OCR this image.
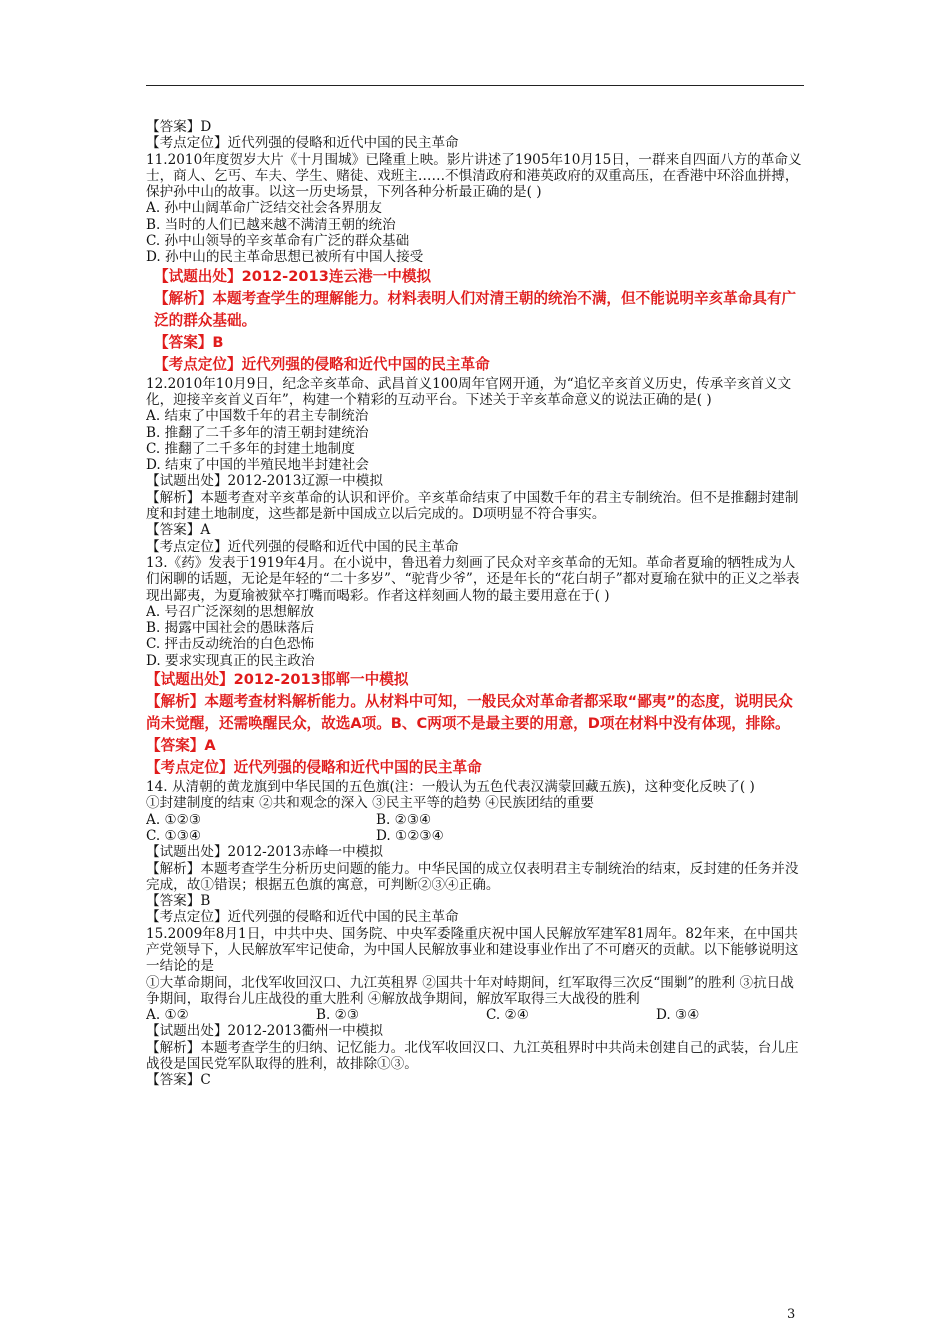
【答案】D
【考点定位】近代列强的侵略和近代中国的民主革命
11.2010年度贺岁大片《十月围城》已隆重上映。影片讲述了1905年10月15日，一群来自四面八方的革命义士，商人、乞丐、车夫、学生、赌徒、戏班主……不惧清政府和港英政府的双重高压，在香港中环浴血拼搏，保护孙中山的故事。以这一历史场景，下列各种分析最正确的是( )
A. 孙中山阔革命广泛结交社会各界朋友
B. 当时的人们已越来越不满清王朝的统治
C. 孙中山领导的辛亥革命有广泛的群众基础
D. 孙中山的民主革命思想已被所有中国人接受
【试题出处】2012-2013连云港一中模拟
【解析】本题考查学生的理解能力。材料表明人们对清王朝的统治不满，但不能说明辛亥革命具有广泛的群众基础。
【答案】B
【考点定位】近代列强的侵略和近代中国的民主革命
12.2010年10月9日，纪念辛亥革命、武昌首义100周年官网开通，为“追忆辛亥首义历史，传承辛亥首义文化，迎接辛亥首义百年”，构建一个精彩的互动平台。下述关于辛亥革命意义的说法正确的是( )
A. 结束了中国数千年的君主专制统治
B. 推翻了二千多年的清王朝封建统治
C. 推翻了二千多年的封建土地制度
D. 结束了中国的半殖民地半封建社会
【试题出处】2012-2013辽源一中模拟
【解析】本题考查对辛亥革命的认识和评价。辛亥革命结束了中国数千年的君主专制统治。但不是推翻封建制度和封建土地制度，这些都是新中国成立以后完成的。D项明显不符合事实。
【答案】A
【考点定位】近代列强的侵略和近代中国的民主革命
13.《药》发表于1919年4月。在小说中，鲁迅着力刻画了民众对辛亥革命的无知。革命者夏瑜的牺牲成为人们闲聊的话题，无论是年轻的“二十多岁”、“驼背少爷”，还是年长的“花白胡子”都对夏瑜在狱中的正义之举表现出鄙夷，为夏瑜被狱卒打嘴而喝彩。作者这样刻画人物的最主要用意在于( )
A. 号召广泛深刻的思想解放
B. 揭露中国社会的愚昧落后
C. 抨击反动统治的白色恐怖
D. 要求实现真正的民主政治
【试题出处】2012-2013邯郸一中模拟
【解析】本题考查材料解析能力。从材料中可知，一般民众对革命者都采取“鄙夷”的态度，说明民众尚未觉醒，还需唤醒民众，故选A项。B、C两项不是最主要的用意，D项在材料中没有体现，排除。
【答案】A
【考点定位】近代列强的侵略和近代中国的民主革命
14. 从清朝的黄龙旗到中华民国的五色旗(注：一般认为五色代表汉满蒙回藏五族)，这种变化反映了( )
①封建制度的结束 ②共和观念的深入 ③民主平等的趋势 ④民族团结的重要
A. ①②③	B. ②③④
C. ①③④	D. ①②③④
【试题出处】2012-2013赤峰一中模拟
【解析】本题考查学生分析历史问题的能力。中华民国的成立仅表明君主专制统治的结束，反封建的任务并没完成，故①错误；根据五色旗的寓意，可判断②③④正确。
【答案】B
【考点定位】近代列强的侵略和近代中国的民主革命
15.2009年8月1日，中共中央、国务院、中央军委隆重庆祝中国人民解放军建军81周年。82年来，在中国共产党领导下，人民解放军牢记使命，为中国人民解放事业和建设事业作出了不可磨灭的贡献。以下能够说明这一结论的是
①大革命期间，北伐军收回汉口、九江英租界 ②国共十年对峙期间，红军取得三次反“围剿”的胜利 ③抗日战争期间，取得台儿庄战役的重大胜利 ④解放战争期间，解放军取得三大战役的胜利
A. ①②	B. ②③	C. ②④	D. ③④
【试题出处】2012-2013衢州一中模拟
【解析】本题考查学生的归纳、记忆能力。北伐军收回汉口、九江英租界时中共尚未创建自己的武装，台儿庄战役是国民党军队取得的胜利，故排除①③。
【答案】C
3
